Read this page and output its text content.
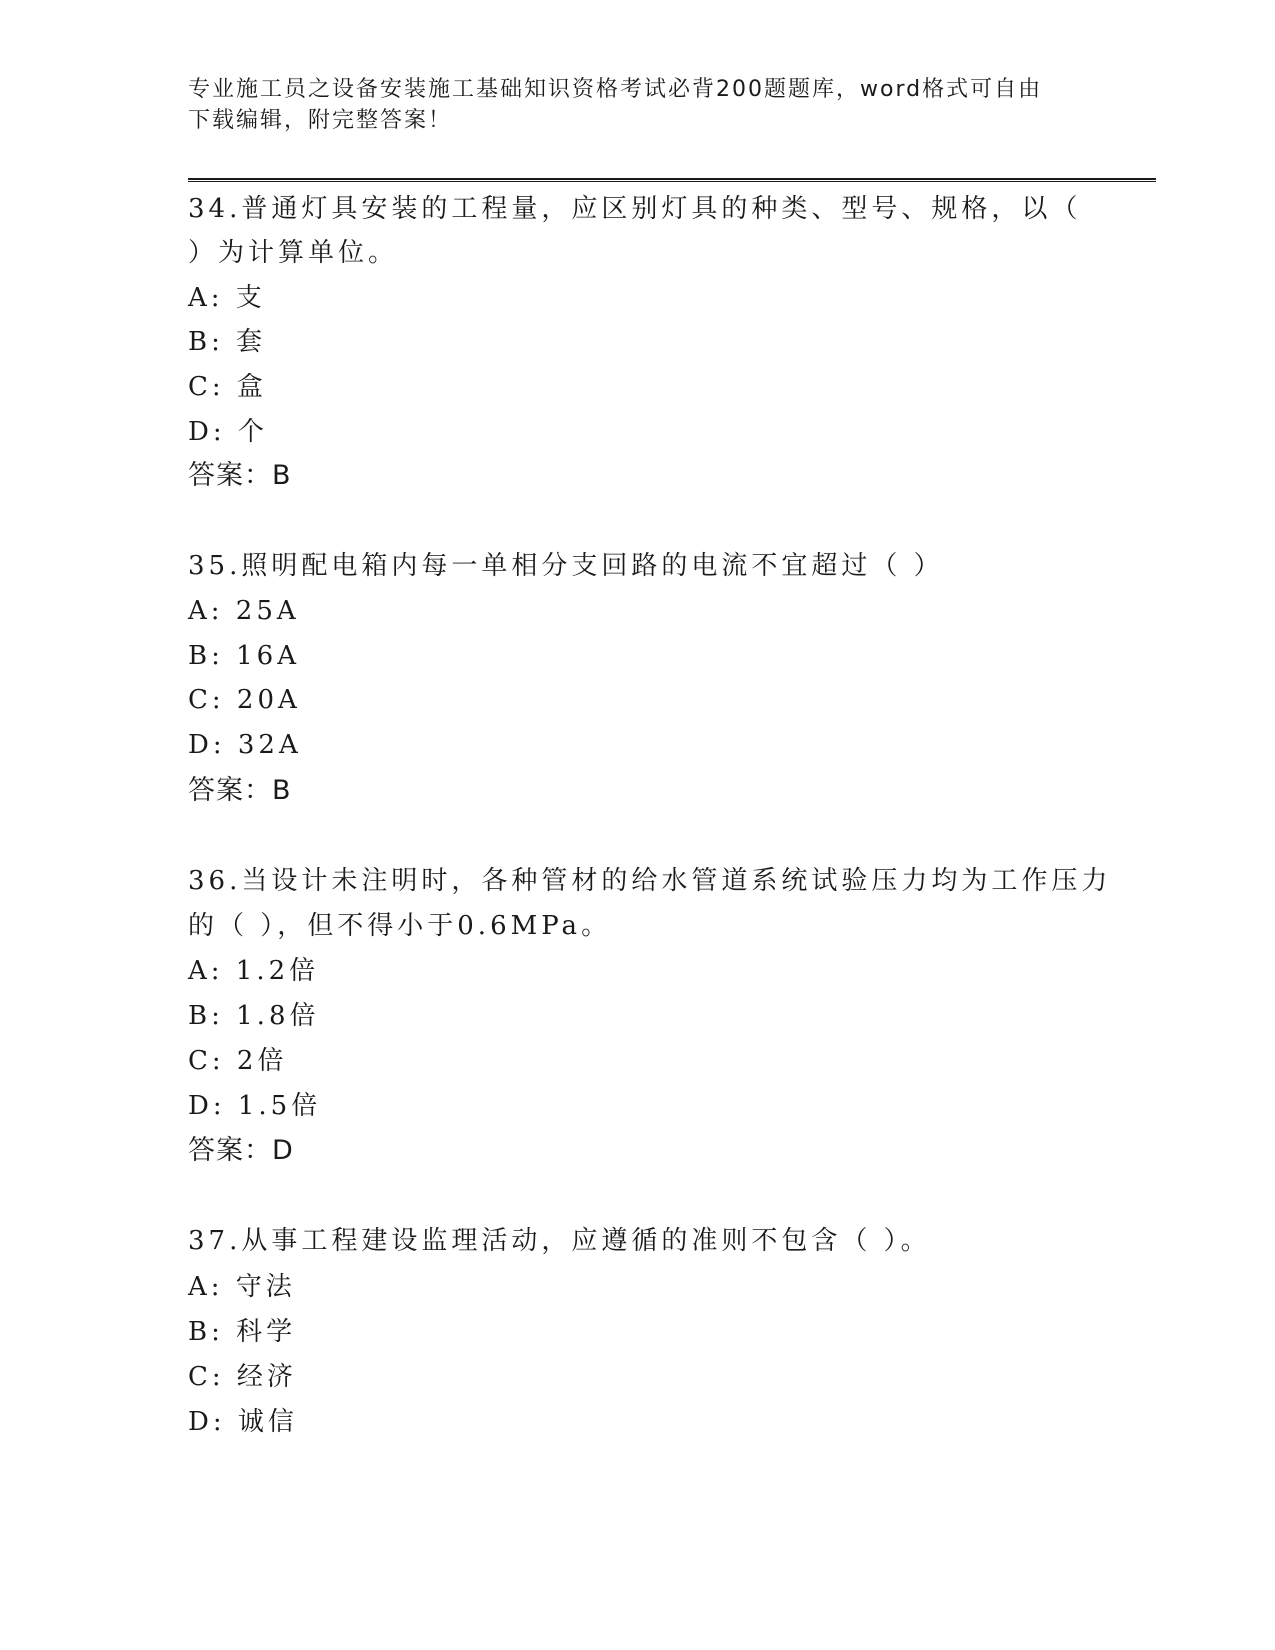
专业施工员之设备安装施工基础知识资格考试必背200题题库，word格式可自由
下载编辑，附完整答案！
34.普通灯具安装的工程量，应区别灯具的种类、型号、规格，以（
）为计算单位。
A: 支
B: 套
C: 盒
D: 个
答案：B
35.照明配电箱内每一单相分支回路的电流不宜超过（ ）
A: 25A
B: 16A
C: 20A
D: 32A
答案：B
36.当设计未注明时，各种管材的给水管道系统试验压力均为工作压力
的（ ），但不得小于0.6MPa。
A: 1.2倍
B: 1.8倍
C: 2倍
D: 1.5倍
答案：D
37.从事工程建设监理活动，应遵循的准则不包含（ ）。
A: 守法
B: 科学
C: 经济
D: 诚信
